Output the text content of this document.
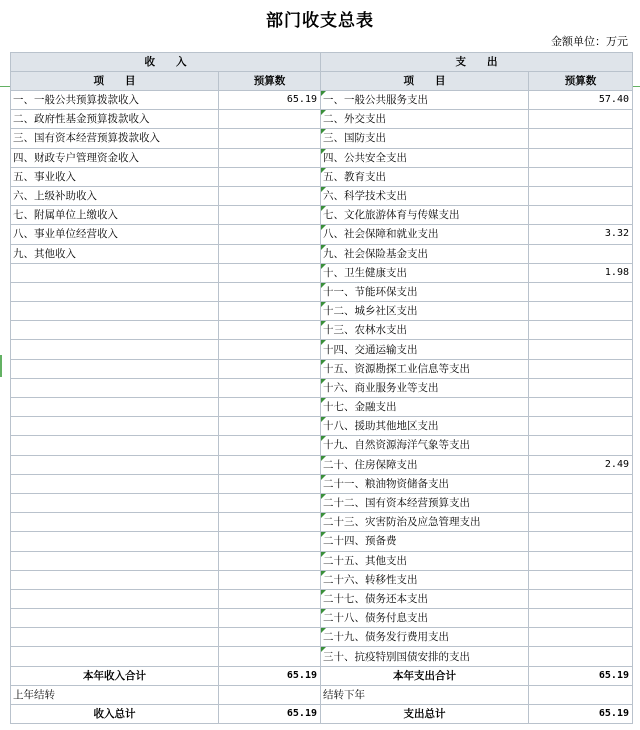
部门收支总表
金额单位：万元
收　　入		支　　出	
项　　目	预算数	项　　目	预算数
一、一般公共预算拨款收入	65.19	一、一般公共服务支出	57.40
二、政府性基金预算拨款收入		二、外交支出	
三、国有资本经营预算拨款收入		三、国防支出	
四、财政专户管理资金收入		四、公共安全支出	
五、事业收入		五、教育支出	
六、上级补助收入		六、科学技术支出	
七、附属单位上缴收入		七、文化旅游体育与传媒支出	
八、事业单位经营收入		八、社会保障和就业支出	3.32
九、其他收入		九、社会保险基金支出	
		十、卫生健康支出	1.98
		十一、节能环保支出	
		十二、城乡社区支出	
		十三、农林水支出	
		十四、交通运输支出	
		十五、资源勘探工业信息等支出	
		十六、商业服务业等支出	
		十七、金融支出	
		十八、援助其他地区支出	
		十九、自然资源海洋气象等支出	
		二十、住房保障支出	2.49
		二十一、粮油物资储备支出	
		二十二、国有资本经营预算支出	
		二十三、灾害防治及应急管理支出	
		二十四、预备费	
		二十五、其他支出	
		二十六、转移性支出	
		二十七、债务还本支出	
		二十八、债务付息支出	
		二十九、债务发行费用支出	
		三十、抗疫特别国债安排的支出	
本年收入合计	65.19	本年支出合计	65.19
上年结转		结转下年	
收入总计	65.19	支出总计	65.19
